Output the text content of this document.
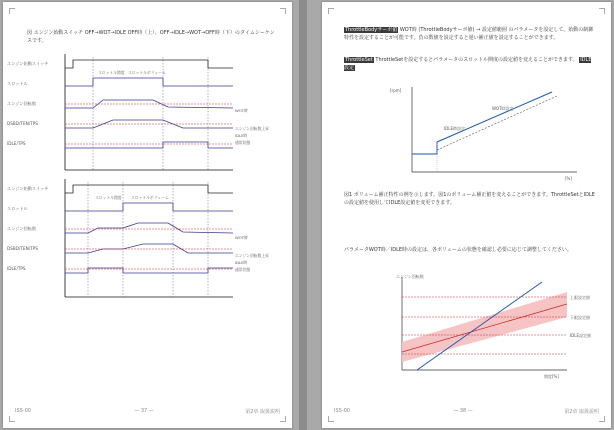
図 エンジン始動スイッチ OFF→WOT→IDLE OFF時（上）、OFF→IDLE→WOT→OFF時（下）のタイムシーケンスです。
エンジン始動スイッチ
スロットル
エンジン回転数
DSBD/TEN/TPS
IDLE/TPS
スロットル開度 スロットルボリューム
WOT時
エンジン回転数上昇
IDLE時
通常状態
エンジン始動スイッチ
スロットル
エンジン回転数
DSBD/TEN/TPS
IDLE/TPS
スロットル開度 スロットルボリューム
WOT時
エンジン回転数上昇
IDLE時
通常状態
ISS-00	— 37 —	第2章 取扱説明
ThrottleBodyサーボ値 WOT時 (ThrottleBodyサーボ値) → 設定値範囲 のパラメータを設定して、始動の制御特性を設定することが可能です。負の数値を設定すると遅い補正値を設定することができます。
ThrottleSet ThrottleSetを設定するとパラメータのスロットル開度の設定値を変えることができます。 IDLE設定
[rpm]
[%]
WOT時設定
IDLE時設定
図1 ボリューム補正特性の例を示します。図1のボリューム補正値を変えることができます。ThrottleSetとIDLEの設定値を使用してIDLE設定値を変更できます。
パラメータWOT時／IDLE時の設定は、各ボリュームの状態を確認し必要に応じて調整してください。
エンジン回転数
開度[%]
上限設定値
下限設定値
IDLE設定値
ISS-00	— 38 —	第2章 取扱説明
